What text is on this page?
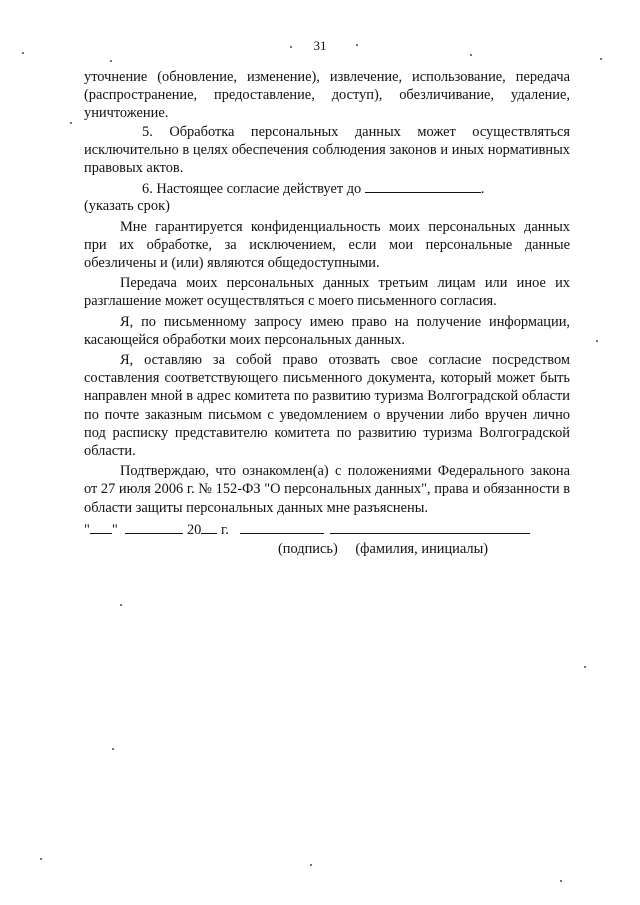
31

уточнение (обновление, изменение), извлечение, использование, передача (распространение, предоставление, доступ), обезличивание, удаление, уничтожение.

5. Обработка персональных данных может осуществляться исключительно в целях обеспечения соблюдения законов и иных нормативных правовых актов.

6. Настоящее согласие действует до	.

(указать срок)

Мне гарантируется конфиденциальность моих персональных данных при их обработке, за исключением, если мои персональные данные обезличены и (или) являются общедоступными.

Передача моих персональных данных третьим лицам или иное их разглашение может осуществляться с моего письменного согласия.

Я, по письменному запросу имею право на получение информации, касающейся обработки моих персональных данных.

Я, оставляю за собой право отозвать свое согласие посредством составления соответствующего письменного документа, который может быть направлен мной в адрес комитета по развитию туризма Волгоградской области по почте заказным письмом с уведомлением о вручении либо вручен лично под расписку представителю комитета по развитию туризма Волгоградской области.

Подтверждаю, что ознакомлен(а) с положениями Федерального закона от 27 июля 2006 г. № 152-ФЗ "О персональных данных", права и обязанности в области защиты персональных данных мне разъяснены.

" "	20 г.
(подпись) (фамилия, инициалы)
